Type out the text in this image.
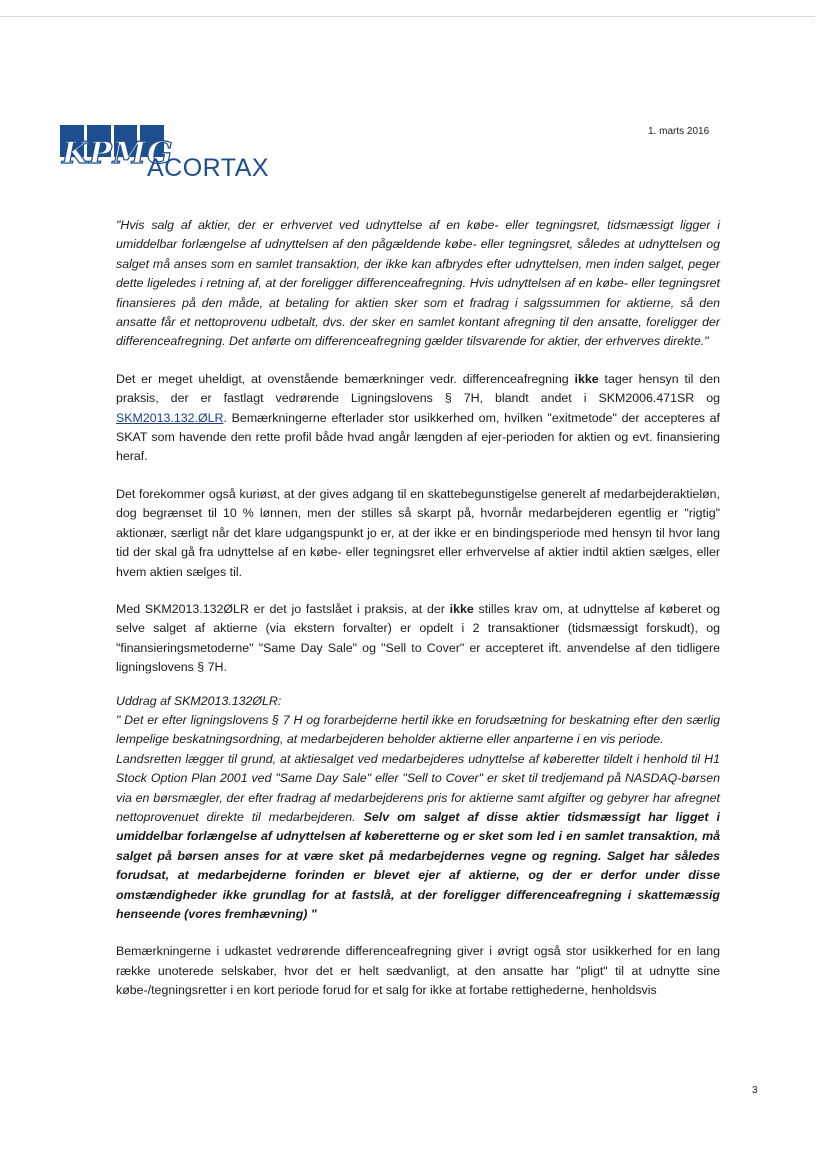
KPMG
ACORTAX
1. marts 2016

"Hvis salg af aktier, der er erhvervet ved udnyttelse af en købe- eller tegningsret, tidsmæssigt ligger i umiddelbar forlængelse af udnyttelsen af den pågældende købe- eller tegningsret, således at udnyttelsen og salget må anses som en samlet transaktion, der ikke kan afbrydes efter udnyttelsen, men inden salget, peger dette ligeledes i retning af, at der foreligger differenceafregning. Hvis udnyttelsen af en købe- eller tegningsret finansieres på den måde, at betaling for aktien sker som et fradrag i salgssummen for aktierne, så den ansatte får et nettoprovenu udbetalt, dvs. der sker en samlet kontant afregning til den ansatte, foreligger der differenceafregning. Det anførte om differenceafregning gælder tilsvarende for aktier, der erhverves direkte."

Det er meget uheldigt, at ovenstående bemærkninger vedr. differenceafregning ikke tager hensyn til den praksis, der er fastlagt vedrørende Ligningslovens § 7H, blandt andet i SKM2006.471SR og SKM2013.132.ØLR. Bemærkningerne efterlader stor usikkerhed om, hvilken "exitmetode" der accepteres af SKAT som havende den rette profil både hvad angår længden af ejer-perioden for aktien og evt. finansiering heraf.

Det forekommer også kuriøst, at der gives adgang til en skattebegunstigelse generelt af medarbejderaktieløn, dog begrænset til 10 % lønnen, men der stilles så skarpt på, hvornår medarbejderen egentlig er "rigtig" aktionær, særligt når det klare udgangspunkt jo er, at der ikke er en bindingsperiode med hensyn til hvor lang tid der skal gå fra udnyttelse af en købe- eller tegningsret eller erhvervelse af aktier indtil aktien sælges, eller hvem aktien sælges til.

Med SKM2013.132ØLR er det jo fastslået i praksis, at der ikke stilles krav om, at udnyttelse af køberet og selve salget af aktierne (via ekstern forvalter) er opdelt i 2 transaktioner (tidsmæssigt forskudt), og "finansieringsmetoderne" "Same Day Sale" og "Sell to Cover" er accepteret ift. anvendelse af den tidligere ligningslovens § 7H.

Uddrag af SKM2013.132ØLR:

" Det er efter ligningslovens § 7 H og forarbejderne hertil ikke en forudsætning for beskatning efter den særlig lempelige beskatningsordning, at medarbejderen beholder aktierne eller anparterne i en vis periode.

Landsretten lægger til grund, at aktiesalget ved medarbejderes udnyttelse af køberetter tildelt i henhold til H1 Stock Option Plan 2001 ved "Same Day Sale" eller "Sell to Cover" er sket til tredjemand på NASDAQ-børsen via en børsmægler, der efter fradrag af medarbejderens pris for aktierne samt afgifter og gebyrer har afregnet nettoprovenuet direkte til medarbejderen. Selv om salget af disse aktier tidsmæssigt har ligget i umiddelbar forlængelse af udnyttelsen af køberetterne og er sket som led i en samlet transaktion, må salget på børsen anses for at være sket på medarbejdernes vegne og regning. Salget har således forudsat, at medarbejderne forinden er blevet ejer af aktierne, og der er derfor under disse omstændigheder ikke grundlag for at fastslå, at der foreligger differenceafregning i skattemæssig henseende (vores fremhævning) "

Bemærkningerne i udkastet vedrørende differenceafregning giver i øvrigt også stor usikkerhed for en lang række unoterede selskaber, hvor det er helt sædvanligt, at den ansatte har "pligt" til at udnytte sine købe-/tegningsretter i en kort periode forud for et salg for ikke at fortabe rettighederne, henholdsvis

3
